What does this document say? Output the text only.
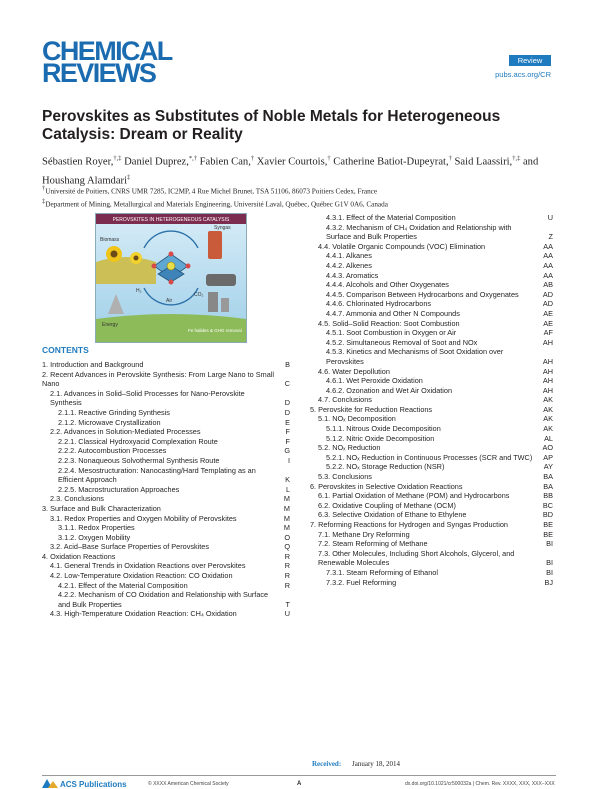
CHEMICAL
REVIEWS	Review
pubs.acs.org/CR
Perovskites as Substitutes of Noble Metals for Heterogeneous Catalysis: Dream or Reality
Sébastien Royer,†,‡ Daniel Duprez,*,† Fabien Can,† Xavier Courtois,† Catherine Batiot-Dupeyrat,† Said Laassiri,†,‡ and Houshang Alamdari‡
†Université de Poitiers, CNRS UMR 7285, IC2MP, 4 Rue Michel Brunet, TSA 51106, 86073 Poitiers Cedex, France
‡Department of Mining, Metallurgical and Materials Engineering, Université Laval, Québec, Québec G1V 0A6, Canada
PEROVSKITES IN HETEROGENEOUS CATALYSIS
Biomass
Syngas
Energy
Air
H₂
CO₂
Fe halides & GHG removal
CONTENTS
1. Introduction and Background	B
2. Recent Advances in Perovskite Synthesis: From Large Nano to Small Nano	C
2.1. Advances in Solid–Solid Processes for Nano-Perovskite Synthesis	D
2.1.1. Reactive Grinding Synthesis	D
2.1.2. Microwave Crystallization	E
2.2. Advances in Solution-Mediated Processes	F
2.2.1. Classical Hydroxyacid Complexation Route	F
2.2.2. Autocombustion Processes	G
2.2.3. Nonaqueous Solvothermal Synthesis Route	I
2.2.4. Mesostructuration: Nanocasting/Hard Templating as an Efficient Approach	K
2.2.5. Macrostructuration Approaches	L
2.3. Conclusions	M
3. Surface and Bulk Characterization	M
3.1. Redox Properties and Oxygen Mobility of Perovskites	M
3.1.1. Redox Properties	M
3.1.2. Oxygen Mobility	O
3.2. Acid–Base Surface Properties of Perovskites	Q
4. Oxidation Reactions	R
4.1. General Trends in Oxidation Reactions over Perovskites	R
4.2. Low-Temperature Oxidation Reaction: CO Oxidation	R
4.2.1. Effect of the Material Composition	R
4.2.2. Mechanism of CO Oxidation and Relationship with Surface and Bulk Properties	T
4.3. High-Temperature Oxidation Reaction: CH₄ Oxidation	U
4.3.1. Effect of the Material Composition	U
4.3.2. Mechanism of CH₄ Oxidation and Relationship with Surface and Bulk Properties	Z
4.4. Volatile Organic Compounds (VOC) Elimination	AA
4.4.1. Alkanes	AA
4.4.2. Alkenes	AA
4.4.3. Aromatics	AA
4.4.4. Alcohols and Other Oxygenates	AB
4.4.5. Comparison Between Hydrocarbons and Oxygenates	AD
4.4.6. Chlorinated Hydrocarbons	AD
4.4.7. Ammonia and Other N Compounds	AE
4.5. Solid–Solid Reaction: Soot Combustion	AE
4.5.1. Soot Combustion in Oxygen or Air	AF
4.5.2. Simultaneous Removal of Soot and NOx	AH
4.5.3. Kinetics and Mechanisms of Soot Oxidation over Perovskites	AH
4.6. Water Depollution	AH
4.6.1. Wet Peroxide Oxidation	AH
4.6.2. Ozonation and Wet Air Oxidation	AH
4.7. Conclusions	AK
5. Perovskite for Reduction Reactions	AK
5.1. NOₓ Decomposition	AK
5.1.1. Nitrous Oxide Decomposition	AK
5.1.2. Nitric Oxide Decomposition	AL
5.2. NOₓ Reduction	AO
5.2.1. NOₓ Reduction in Continuous Processes (SCR and TWC)	AP
5.2.2. NOₓ Storage Reduction (NSR)	AY
5.3. Conclusions	BA
6. Perovskites in Selective Oxidation Reactions	BA
6.1. Partial Oxidation of Methane (POM) and Hydrocarbons	BB
6.2. Oxidative Coupling of Methane (OCM)	BC
6.3. Selective Oxidation of Ethane to Ethylene	BD
7. Reforming Reactions for Hydrogen and Syngas Production	BE
7.1. Methane Dry Reforming	BE
7.2. Steam Reforming of Methane	BI
7.3. Other Molecules, Including Short Alcohols, Glycerol, and Renewable Molecules	BI
7.3.1. Steam Reforming of Ethanol	BI
7.3.2. Fuel Reforming	BJ
Received: January 18, 2014
ACS Publications	© XXXX American Chemical Society	A	dx.doi.org/10.1021/cr500032a | Chem. Rev. XXXX, XXX, XXX−XXX
